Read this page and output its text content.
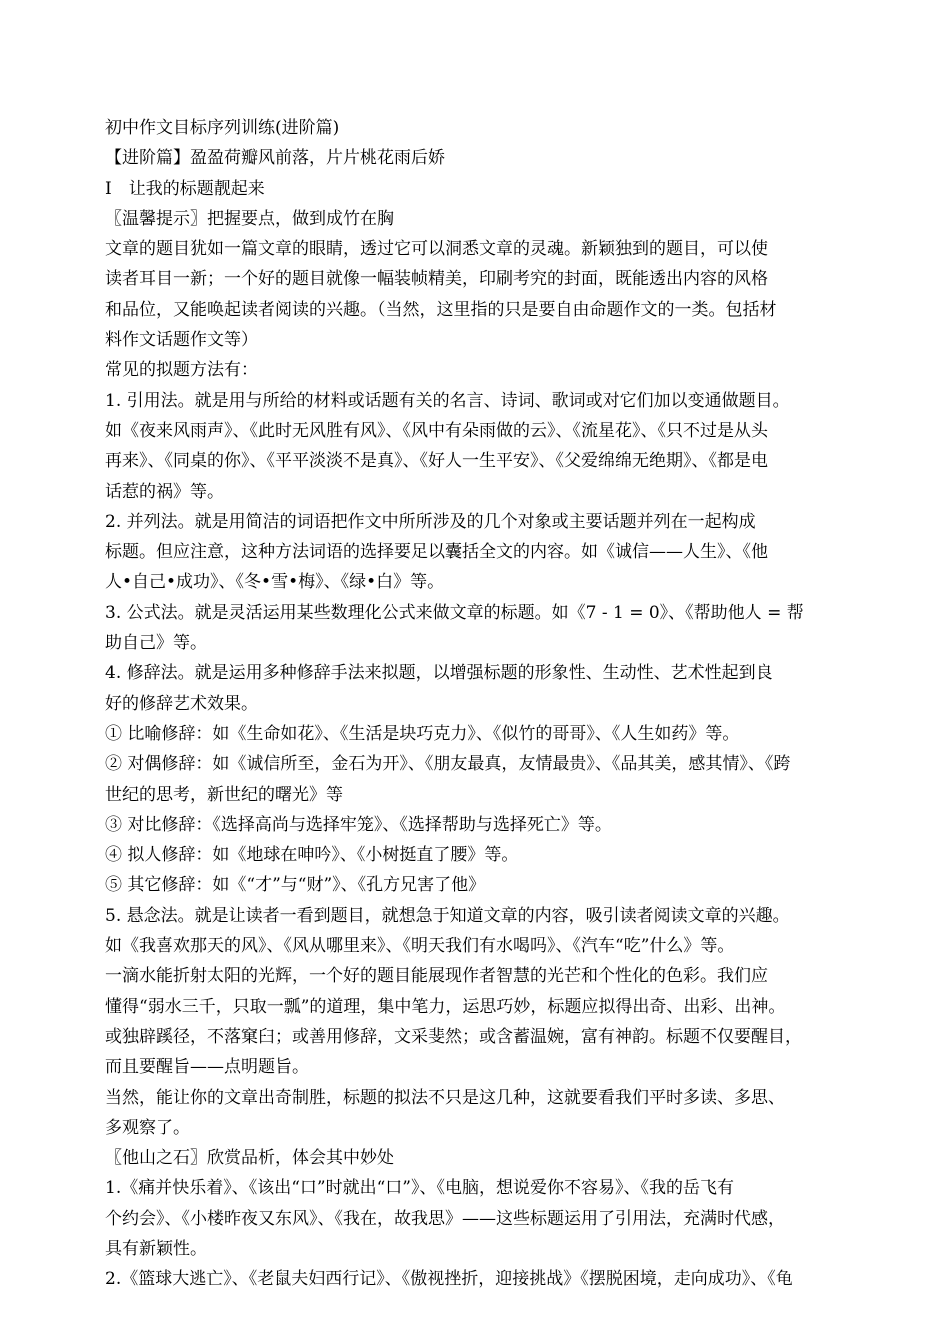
初中作文目标序列训练(进阶篇)
【进阶篇】盈盈荷瓣风前落，片片桃花雨后娇
Ⅰ　让我的标题靓起来
〖温馨提示〗把握要点，做到成竹在胸
文章的题目犹如一篇文章的眼睛，透过它可以洞悉文章的灵魂。新颖独到的题目，可以使
读者耳目一新；一个好的题目就像一幅装帧精美，印刷考究的封面，既能透出内容的风格
和品位，又能唤起读者阅读的兴趣。（当然，这里指的只是要自由命题作文的一类。包括材
料作文话题作文等）
常见的拟题方法有：
1. 引用法。就是用与所给的材料或话题有关的名言、诗词、歌词或对它们加以变通做题目。
如《夜来风雨声》、《此时无风胜有风》、《风中有朵雨做的云》、《流星花》、《只不过是从头
再来》、《同桌的你》、《平平淡淡不是真》、《好人一生平安》、《父爱绵绵无绝期》、《都是电
话惹的祸》等。
2. 并列法。就是用简洁的词语把作文中所所涉及的几个对象或主要话题并列在一起构成
标题。但应注意，这种方法词语的选择要足以囊括全文的内容。如《诚信——人生》、《他
人•自己•成功》、《冬•雪•梅》、《绿•白》等。
3. 公式法。就是灵活运用某些数理化公式来做文章的标题。如《7 - 1 = 0》、《帮助他人 = 帮
助自己》等。
4. 修辞法。就是运用多种修辞手法来拟题，以增强标题的形象性、生动性、艺术性起到良
好的修辞艺术效果。
① 比喻修辞：如《生命如花》、《生活是块巧克力》、《似竹的哥哥》、《人生如药》等。
② 对偶修辞：如《诚信所至，金石为开》、《朋友最真，友情最贵》、《品其美，感其情》、《跨
世纪的思考，新世纪的曙光》等
③ 对比修辞：《选择高尚与选择牢笼》、《选择帮助与选择死亡》等。
④ 拟人修辞：如《地球在呻吟》、《小树挺直了腰》等。
⑤ 其它修辞：如《“才”与“财”》、《孔方兄害了他》
5. 悬念法。就是让读者一看到题目，就想急于知道文章的内容，吸引读者阅读文章的兴趣。
如《我喜欢那天的风》、《风从哪里来》、《明天我们有水喝吗》、《汽车“吃”什么》等。
一滴水能折射太阳的光辉，一个好的题目能展现作者智慧的光芒和个性化的色彩。我们应
懂得“弱水三千，只取一瓢”的道理，集中笔力，运思巧妙，标题应拟得出奇、出彩、出神。
或独辟蹊径，不落窠臼；或善用修辞，文采斐然；或含蓄温婉，富有神韵。标题不仅要醒目，
而且要醒旨——点明题旨。
当然，能让你的文章出奇制胜，标题的拟法不只是这几种，这就要看我们平时多读、多思、
多观察了。
〖他山之石〗欣赏品析，体会其中妙处
1.《痛并快乐着》、《该出“口”时就出“口”》、《电脑，想说爱你不容易》、《我的岳飞有
个约会》、《小楼昨夜又东风》、《我在，故我思》——这些标题运用了引用法，充满时代感，
具有新颖性。
2.《篮球大逃亡》、《老鼠夫妇西行记》、《傲视挫折，迎接挑战》《摆脱困境，走向成功》、《龟
